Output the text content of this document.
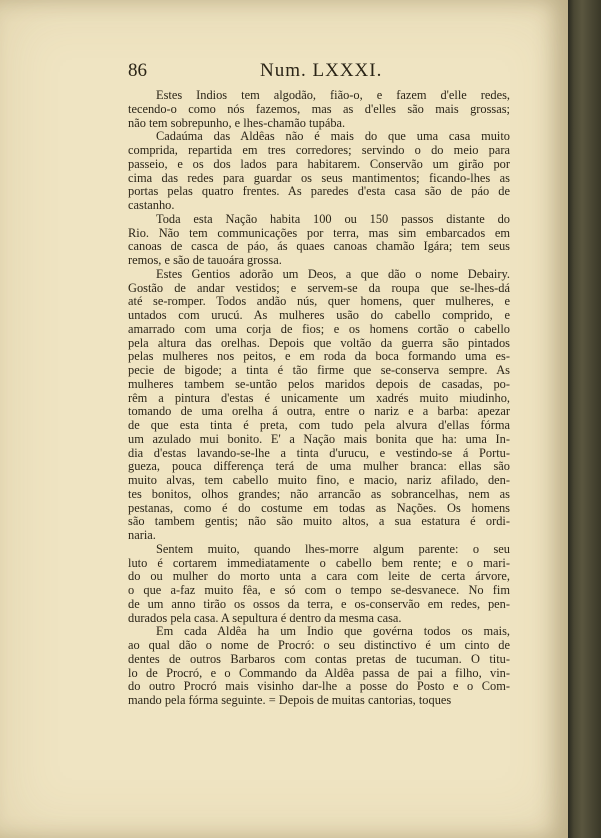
86	Num. LXXXI.
Estes Indios tem algodão, fião-o, e fazem d'elle redes,
tecendo-o como nós fazemos, mas as d'elles são mais grossas;
não tem sobrepunho, e lhes-chamão tupába.
Cadaúma das Aldêas não é mais do que uma casa muito
comprida, repartida em tres corredores; servindo o do meio para
passeio, e os dos lados para habitarem. Conservão um girão por
cima das redes para guardar os seus mantimentos; ficando-lhes as
portas pelas quatro frentes. As paredes d'esta casa são de páo de
castanho.
Toda esta Nação habita 100 ou 150 passos distante do
Rio. Não tem communicações por terra, mas sim embarcados em
canoas de casca de páo, ás quaes canoas chamão Igára; tem seus
remos, e são de tauoára grossa.
Estes Gentios adorão um Deos, a que dão o nome Debairy.
Gostão de andar vestidos; e servem-se da roupa que se-lhes-dá
até se-romper. Todos andão nús, quer homens, quer mulheres, e
untados com urucú. As mulheres usão do cabello comprido, e
amarrado com uma corja de fios; e os homens cortão o cabello
pela altura das orelhas. Depois que voltão da guerra são pintados
pelas mulheres nos peitos, e em roda da boca formando uma es-
pecie de bigode; a tinta é tão firme que se-conserva sempre. As
mulheres tambem se-untão pelos maridos depois de casadas, po-
rêm a pintura d'estas é unicamente um xadrés muito miudinho,
tomando de uma orelha á outra, entre o nariz e a barba: apezar
de que esta tinta é preta, com tudo pela alvura d'ellas fórma
um azulado mui bonito. E' a Nação mais bonita que ha: uma In-
dia d'estas lavando-se-lhe a tinta d'urucu, e vestindo-se á Portu-
gueza, pouca differença terá de uma mulher branca: ellas são
muito alvas, tem cabello muito fino, e macio, nariz afilado, den-
tes bonitos, olhos grandes; não arrancão as sobrancelhas, nem as
pestanas, como é do costume em todas as Nações. Os homens
são tambem gentis; não são muito altos, a sua estatura é ordi-
naria.
Sentem muito, quando lhes-morre algum parente: o seu
luto é cortarem immediatamente o cabello bem rente; e o mari-
do ou mulher do morto unta a cara com leite de certa árvore,
o que a-faz muito fêa, e só com o tempo se-desvanece. No fim
de um anno tirão os ossos da terra, e os-conservão em redes, pen-
durados pela casa. A sepultura é dentro da mesma casa.
Em cada Aldêa ha um Indio que govérna todos os mais,
ao qual dão o nome de Procró: o seu distinctivo é um cinto de
dentes de outros Barbaros com contas pretas de tucuman. O titu-
lo de Procró, e o Commando da Aldêa passa de pai a filho, vin-
do outro Procró mais visinho dar-lhe a posse do Posto e o Com-
mando pela fórma seguinte. = Depois de muitas cantorias, toques
